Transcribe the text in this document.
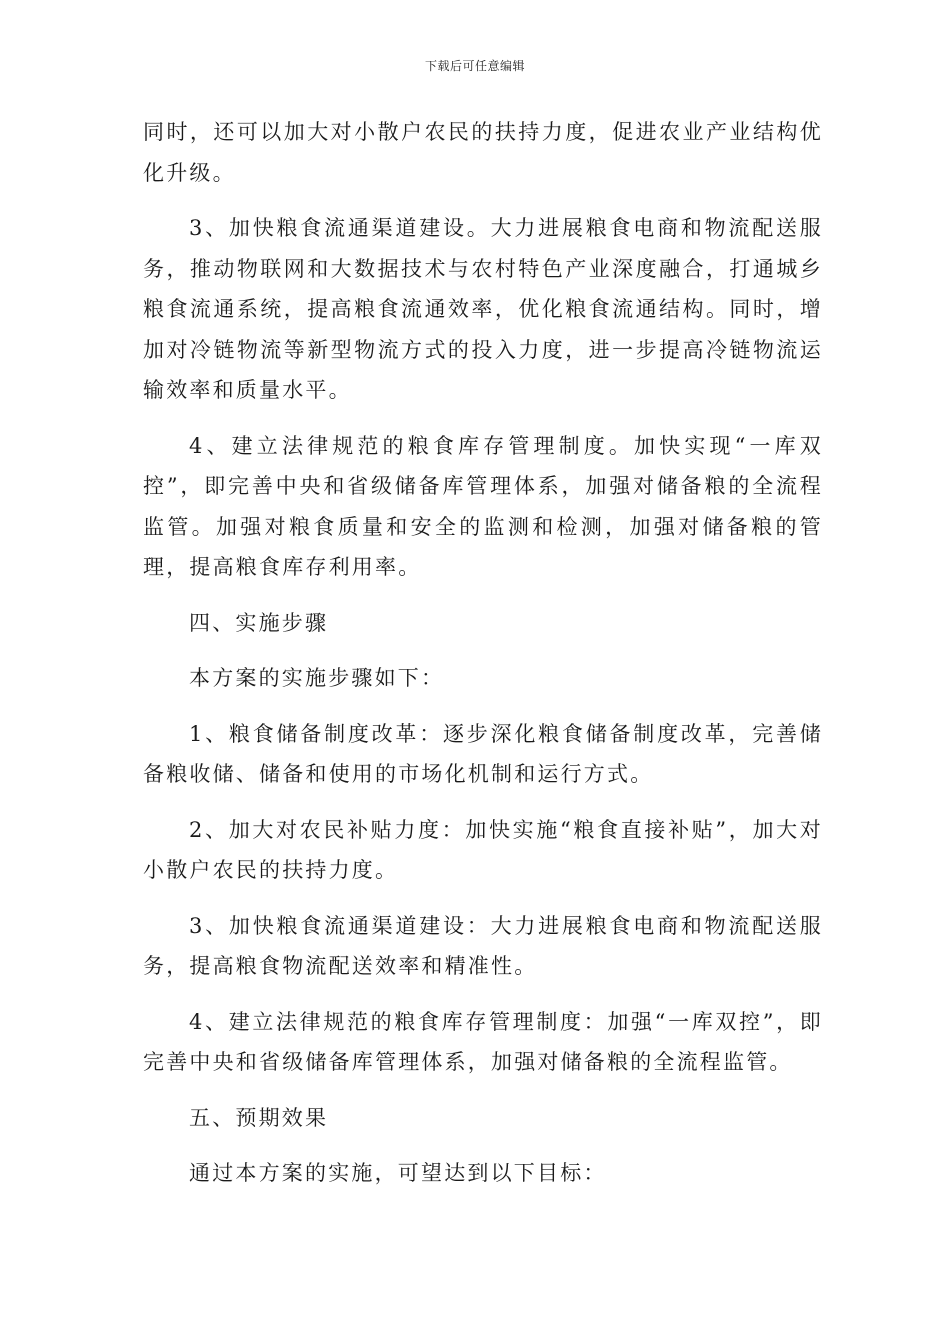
下载后可任意编辑

同时，还可以加大对小散户农民的扶持力度，促进农业产业结构优化升级。

3、加快粮食流通渠道建设。大力进展粮食电商和物流配送服务，推动物联网和大数据技术与农村特色产业深度融合，打通城乡粮食流通系统，提高粮食流通效率，优化粮食流通结构。同时，增加对冷链物流等新型物流方式的投入力度，进一步提高冷链物流运输效率和质量水平。

4、建立法律规范的粮食库存管理制度。加快实现“一库双控”，即完善中央和省级储备库管理体系，加强对储备粮的全流程监管。加强对粮食质量和安全的监测和检测，加强对储备粮的管理，提高粮食库存利用率。

四、实施步骤

本方案的实施步骤如下：

1、粮食储备制度改革：逐步深化粮食储备制度改革，完善储备粮收储、储备和使用的市场化机制和运行方式。

2、加大对农民补贴力度：加快实施“粮食直接补贴”，加大对小散户农民的扶持力度。

3、加快粮食流通渠道建设：大力进展粮食电商和物流配送服务，提高粮食物流配送效率和精准性。

4、建立法律规范的粮食库存管理制度：加强“一库双控”，即完善中央和省级储备库管理体系，加强对储备粮的全流程监管。

五、预期效果

通过本方案的实施，可望达到以下目标：
